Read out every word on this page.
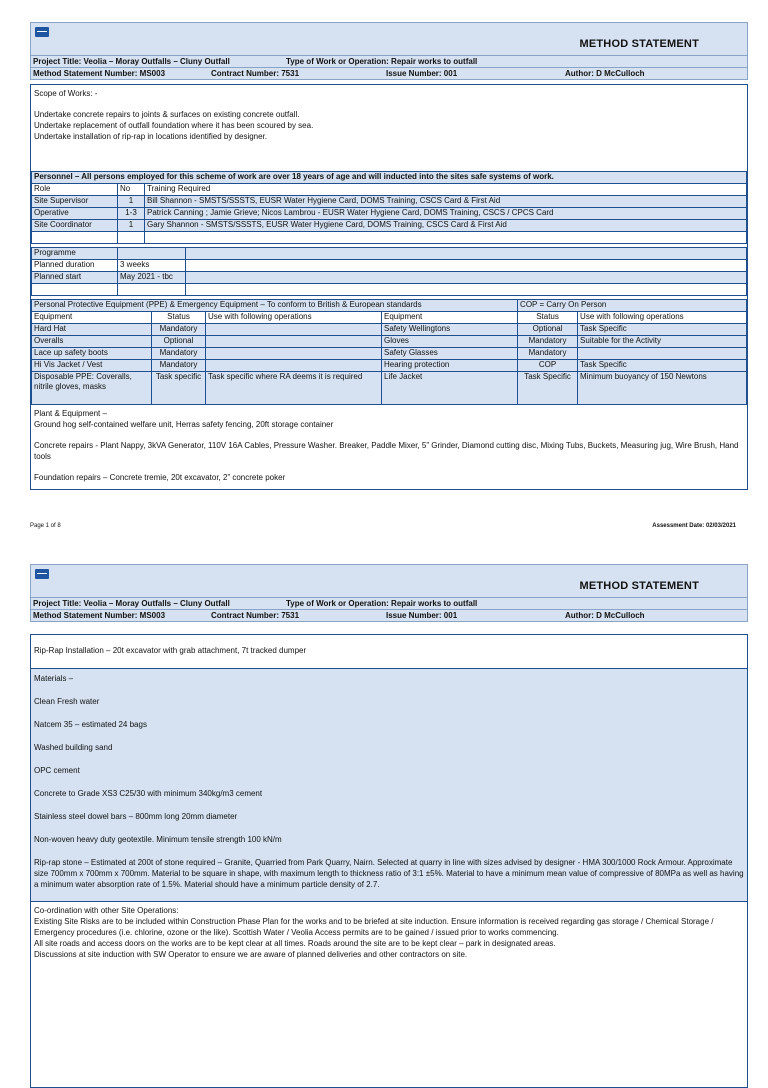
METHOD STATEMENT
Project Title: Veolia – Moray Outfalls – Cluny Outfall	Type of Work or Operation: Repair works to outfall
Method Statement Number: MS003	Contract Number: 7531	Issue Number: 001	Author: D McCulloch

Scope of Works: -

Undertake concrete repairs to joints & surfaces on existing concrete outfall.

Undertake replacement of outfall foundation where it has been scoured by sea.

Undertake installation of rip-rap in locations identified by designer.

Personnel – All persons employed for this scheme of work are over 18 years of age and will inducted into the sites safe systems of work.		
Role	No	Training Required
Site Supervisor	1	Bill Shannon - SMSTS/SSSTS, EUSR Water Hygiene Card, DOMS Training, CSCS Card & First Aid
Operative	1-3	Patrick Canning ; Jamie Grieve; Nicos Lambrou - EUSR Water Hygiene Card, DOMS Training, CSCS / CPCS Card
Site Coordinator	1	Gary Shannon - SMSTS/SSSTS, EUSR Water Hygiene Card, DOMS Training, CSCS Card & First Aid

Programme		
Planned duration	3 weeks	
Planned start	May 2021 - tbc	

Personal Protective Equipment (PPE) & Emergency Equipment – To conform to British & European standards				COP = Carry On Person	
Equipment	Status	Use with following operations	Equipment	Status	Use with following operations
Hard Hat	Mandatory		Safety Wellingtons	Optional	Task Specific
Overalls	Optional		Gloves	Mandatory	Suitable for the Activity
Lace up safety boots	Mandatory		Safety Glasses	Mandatory	
Hi Vis Jacket / Vest	Mandatory		Hearing protection	COP	Task Specific
Disposable PPE: Coveralls, nitrile gloves, masks	Task specific	Task specific where RA deems it is required	Life Jacket	Task Specific	Minimum buoyancy of 150 Newtons

Plant & Equipment –

Ground hog self-contained welfare unit, Herras safety fencing, 20ft storage container

Concrete repairs - Plant Nappy, 3kVA Generator, 110V 16A Cables, Pressure Washer. Breaker, Paddle Mixer, 5” Grinder, Diamond cutting disc, Mixing Tubs, Buckets, Measuring jug, Wire Brush, Hand tools

Foundation repairs – Concrete tremie, 20t excavator, 2” concrete poker

Page 1 of 8	Assessment Date: 02/03/2021
METHOD STATEMENT
Project Title: Veolia – Moray Outfalls – Cluny Outfall	Type of Work or Operation: Repair works to outfall
Method Statement Number: MS003	Contract Number: 7531	Issue Number: 001	Author: D McCulloch
Rip-Rap Installation – 20t excavator with grab attachment, 7t tracked dumper

Materials –

Clean Fresh water

Natcem 35 – estimated 24 bags

Washed building sand

OPC cement

Concrete to Grade XS3 C25/30 with minimum 340kg/m3 cement

Stainless steel dowel bars – 800mm long 20mm diameter

Non-woven heavy duty geotextile. Minimum tensile strength 100 kN/m

Rip-rap stone – Estimated at 200t of stone required – Granite, Quarried from Park Quarry, Nairn. Selected at quarry in line with sizes advised by designer - HMA 300/1000 Rock Armour. Approximate size 700mm x 700mm x 700mm. Material to be square in shape, with maximum length to thickness ratio of 3:1 ±5%. Material to have a minimum mean value of compressive of 80MPa as well as having a minimum water absorption rate of 1.5%. Material should have a minimum particle density of 2.7.

Co-ordination with other Site Operations:

Existing Site Risks are to be included within Construction Phase Plan for the works and to be briefed at site induction. Ensure information is received regarding gas storage / Chemical Storage / Emergency procedures (i.e. chlorine, ozone or the like). Scottish Water / Veolia Access permits are to be gained / issued prior to works commencing.

All site roads and access doors on the works are to be kept clear at all times. Roads around the site are to be kept clear – park in designated areas.

Discussions at site induction with SW Operator to ensure we are aware of planned deliveries and other contractors on site.
